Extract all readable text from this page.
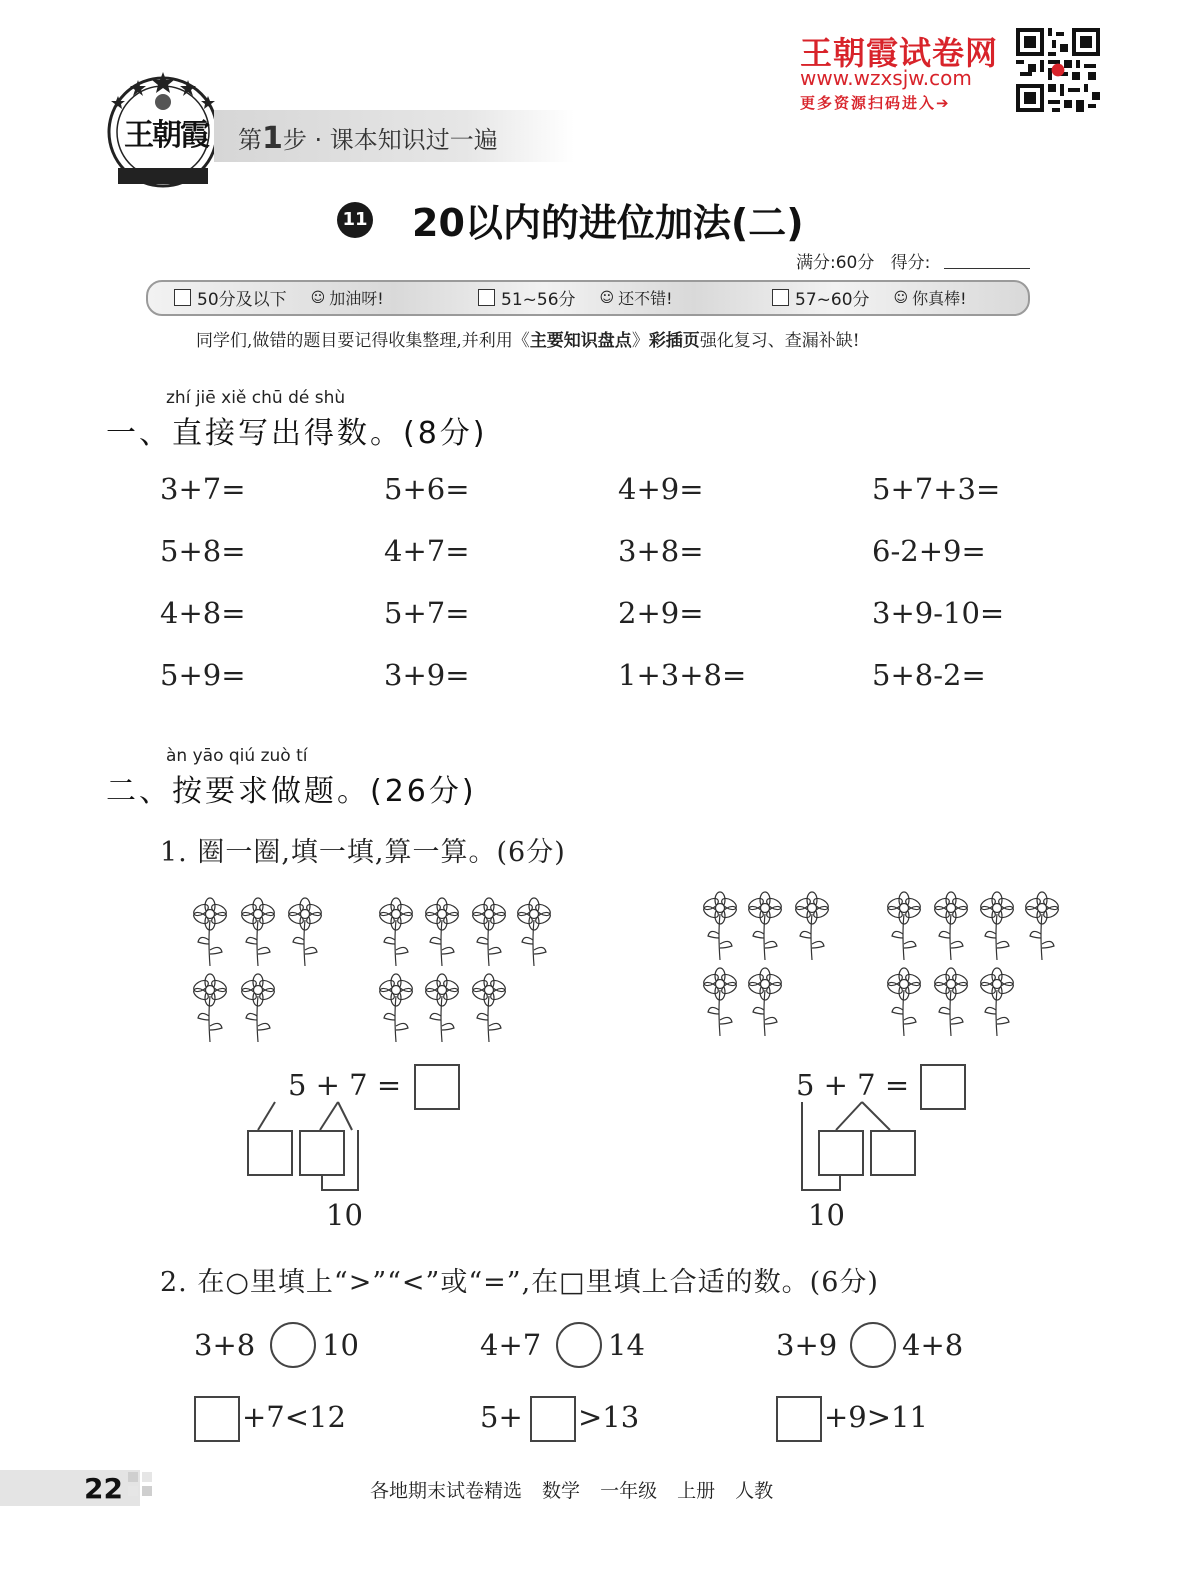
王朝霞试卷网
www.wzxsjw.com
更多资源扫码进入➔
王朝霞 第1步 · 课本知识过一遍
11 20以内的进位加法(二)
满分:60分 得分:
50分及以下 ☺ 加油呀!	51~56分 ☺ 还不错!	57~60分 ☺ 你真棒!
同学们,做错的题目要记得收集整理,并利用《主要知识盘点》彩插页强化复习、查漏补缺!
zhí jiē xiě chū dé shù
一、直接写出得数。(8分)
3+7=	5+6=	4+9=	5+7+3=
5+8=	4+7=	3+8=	6-2+9=
4+8=	5+7=	2+9=	3+9-10=
5+9=	3+9=	1+3+8=	5+8-2=
àn yāo qiú zuò tí
二、按要求做题。(26分)
1. 圈一圈,填一填,算一算。(6分)
5 + 7 =
10
5 + 7 =
10
2. 在○里填上“>”“<”或“=”,在□里填上合适的数。(6分)
3+8 10	4+7 14	3+9 4+8
+7<12	5+ >13	+9>11
22	各地期末试卷精选 数学 一年级 上册 人教
